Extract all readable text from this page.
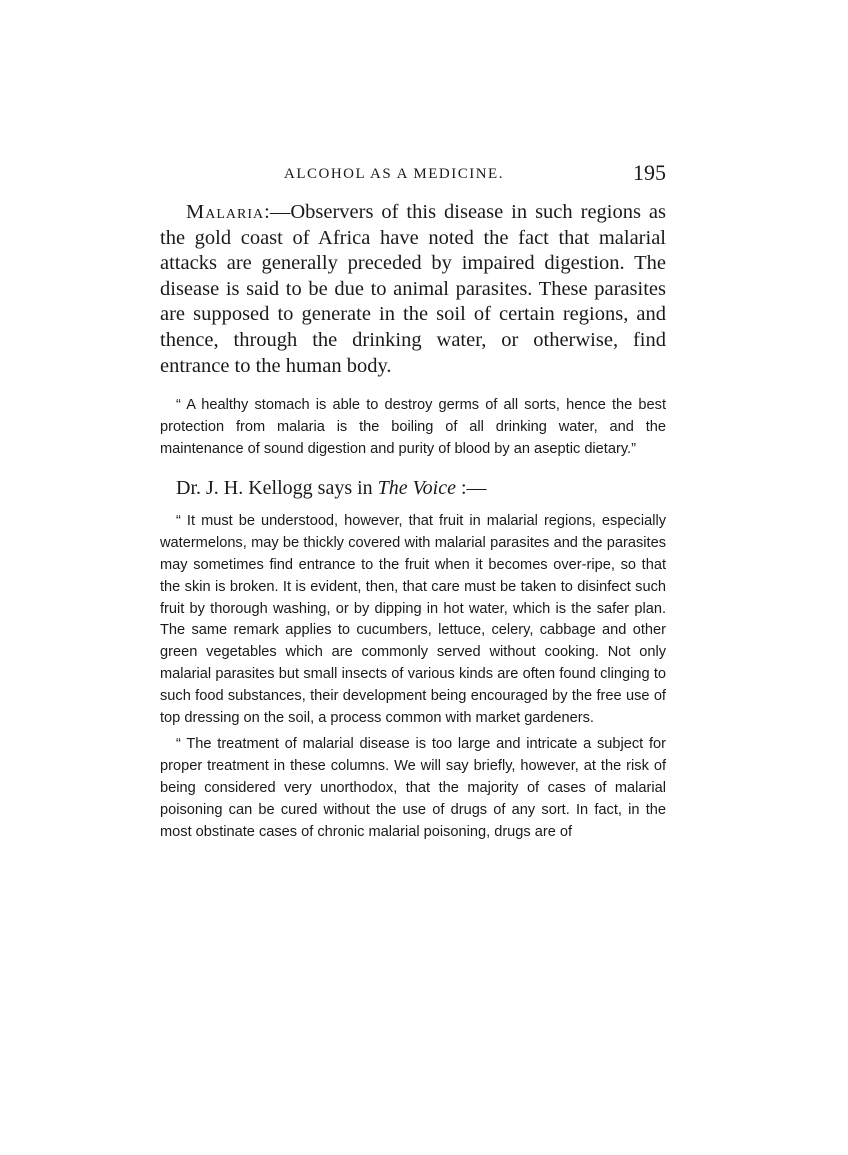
ALCOHOL AS A MEDICINE.	195

Malaria:—Observers of this disease in such regions as the gold coast of Africa have noted the fact that malarial attacks are generally preceded by impaired digestion. The disease is said to be due to animal parasites. These parasites are supposed to generate in the soil of certain regions, and thence, through the drinking water, or otherwise, find entrance to the human body.

“ A healthy stomach is able to destroy germs of all sorts, hence the best protection from malaria is the boiling of all drinking water, and the maintenance of sound digestion and purity of blood by an aseptic dietary.”

Dr. J. H. Kellogg says in The Voice :—

“ It must be understood, however, that fruit in malarial regions, especially watermelons, may be thickly covered with malarial parasites and the parasites may sometimes find entrance to the fruit when it becomes over-ripe, so that the skin is broken. It is evident, then, that care must be taken to disinfect such fruit by thorough washing, or by dipping in hot water, which is the safer plan. The same remark applies to cucumbers, lettuce, celery, cabbage and other green vegetables which are commonly served without cooking. Not only malarial parasites but small insects of various kinds are often found clinging to such food substances, their development being encouraged by the free use of top dressing on the soil, a process common with market gardeners.

“ The treatment of malarial disease is too large and intricate a subject for proper treatment in these columns. We will say briefly, however, at the risk of being considered very unorthodox, that the majority of cases of malarial poisoning can be cured without the use of drugs of any sort. In fact, in the most obstinate cases of chronic malarial poisoning, drugs are of
